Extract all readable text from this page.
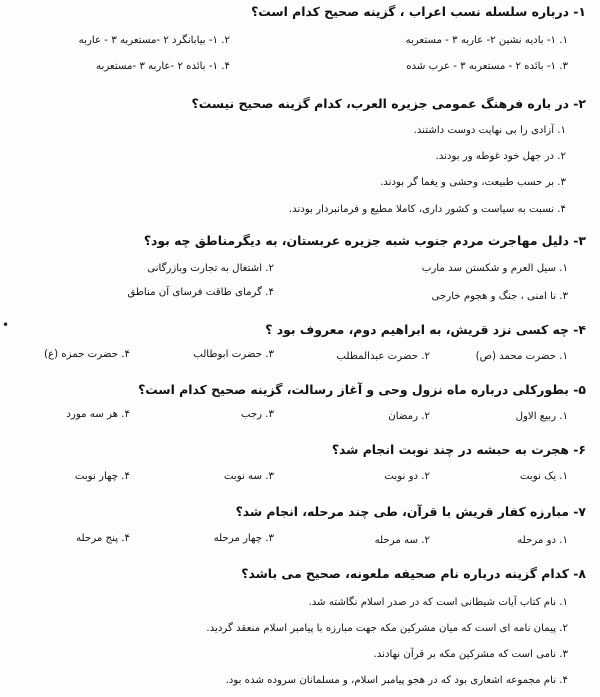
۱- درباره سلسله نسب اعراب ، گزینه صحیح کدام است؟
۱. ۱- بادیه نشین ۲- عاربه ۳ - مستعربه
۲. ۱- بیابانگرد ۲ -مستعربه ۳ - عاربه
۳. ۱- بائده ۲ - مستعربه ۳ - عرب شده
۴. ۱- بائده ۲ -عاربه ۳ -مستعربه
۲- در باره فرهنگ عمومی جزیره العرب، کدام گزینه صحیح نیست؟
۱. آزادی را بی نهایت دوست داشتند.
۲. در جهل خود غوطه ور بودند.
۳. بر حسب طبیعت، وحشی و یغما گر بودند.
۴. نسبت به سیاست و کشور داری، کاملا مطیع و فرمانبردار بودند.
۳- دلیل مهاجرت مردم جنوب شبه جزیره عربستان، به دیگرمناطق چه بود؟
۱. سیل العرم و شکستن سد مارب
۲. اشتغال به تجارت وبازرگانی
۳. نا امنی ، جنگ و هجوم خارجی
۴. گرمای طاقت فرسای آن مناطق
۴- چه کسی نزد قریش، به ابراهیم دوم، معروف بود ؟
۱. حضرت محمد (ص)
۲. حضرت عبدالمطلب
۳. حضرت ابوطالب
۴. حضرت حمزه (ع)
۵- بطورکلی درباره ماه نزول وحی و آغاز رسالت، گزینه صحیح کدام است؟
۱. ربیع الاول
۲. رمضان
۳. رجب
۴. هر سه مورد
۶- هجرت به حبشه در چند نوبت انجام شد؟
۱. یک نوبت
۲. دو نوبت
۳. سه نوبت
۴. چهار نوبت
۷- مبارزه کفار قریش با قرآن، طی چند مرحله، انجام شد؟
۱. دو مرحله
۲. سه مرحله
۳. چهار مرحله
۴. پنج مرحله
۸- کدام گزینه درباره نام صحیفه ملعونه، صحیح می باشد؟
۱. نام کتاب آیات شیطانی است که در صدر اسلام نگاشته شد.
۲. پیمان نامه ای است که میان مشرکین مکه جهت مبارزه با پیامبر اسلام منعقد گردید.
۳. نامی است که مشرکین مکه بر قرآن نهادند.
۴. نام مجموعه اشعاری بود که در هجو پیامبر اسلام، و مسلمانان سروده شده بود.
•
